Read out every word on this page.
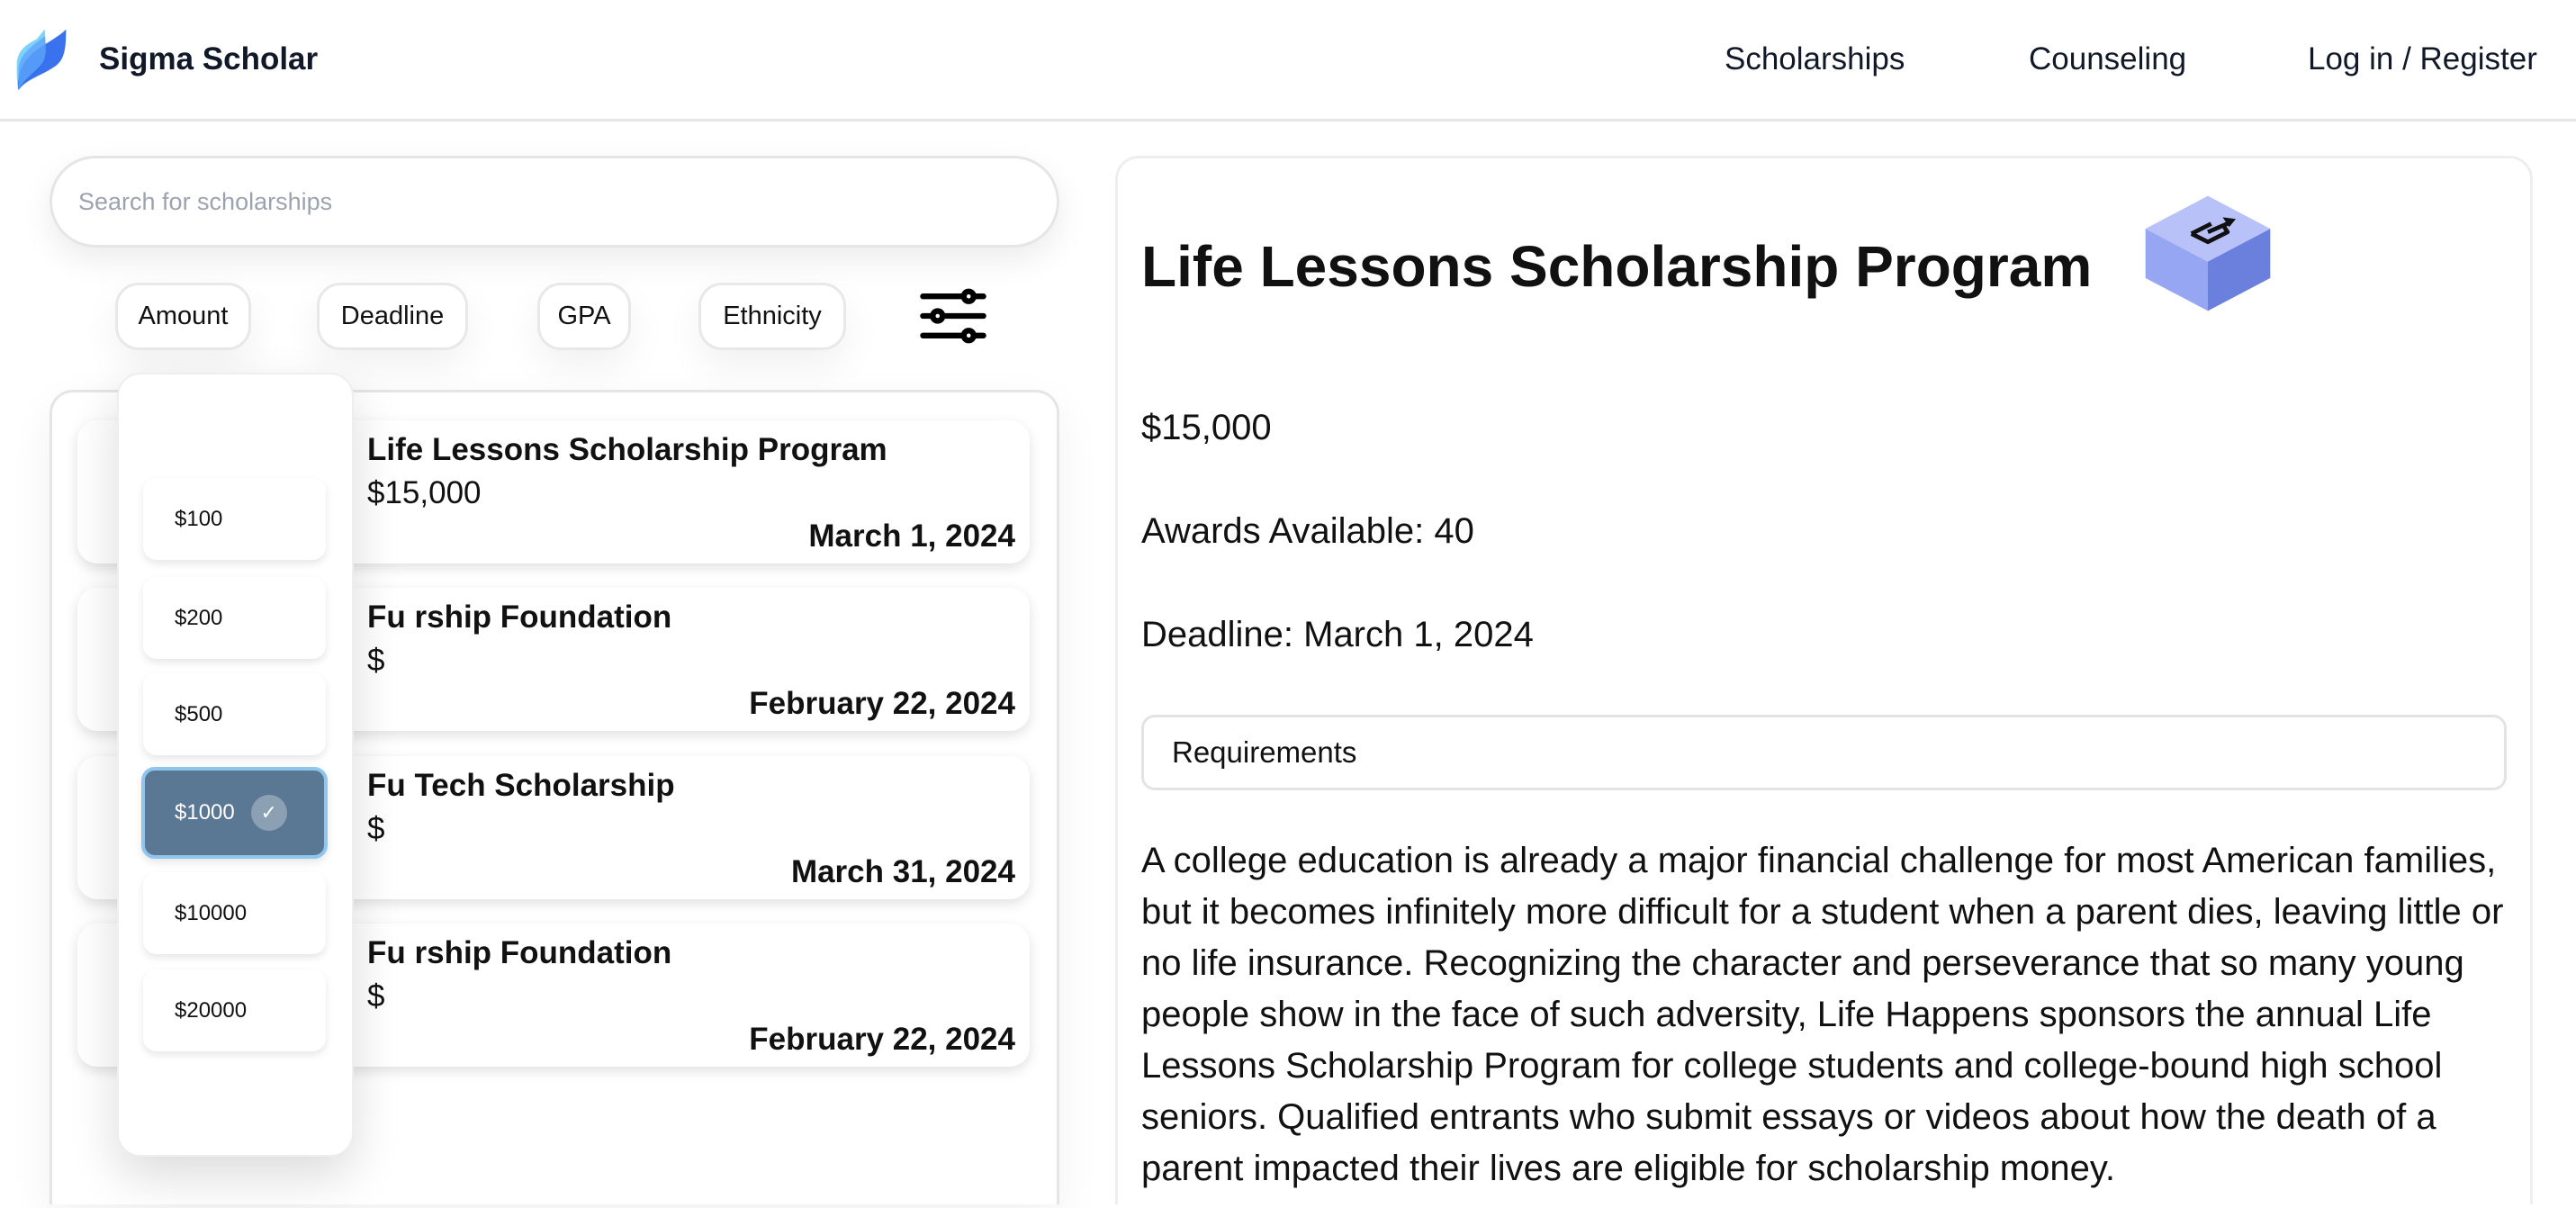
Sigma Scholar	Scholarships	Counseling	Log in / Register
Search for scholarships
Amount	Deadline	GPA	Ethnicity
Life Lessons Scholarship Program
$15,000
March 1, 2024
Fu rship Foundation
$
February 22, 2024
Fu Tech Scholarship
$
March 31, 2024
Fu rship Foundation
$
February 22, 2024
$100
$200
$500
$1000	✓
$10000
$20000
Life Lessons Scholarship Program
$15,000
Awards Available: 40
Deadline: March 1, 2024
Requirements
A college education is already a major financial challenge for most American families, but it becomes infinitely more difficult for a student when a parent dies, leaving little or no life insurance. Recognizing the character and perseverance that so many young people show in the face of such adversity, Life Happens sponsors the annual Life Lessons Scholarship Program for college students and college-bound high school seniors. Qualified entrants who submit essays or videos about how the death of a parent impacted their lives are eligible for scholarship money.
